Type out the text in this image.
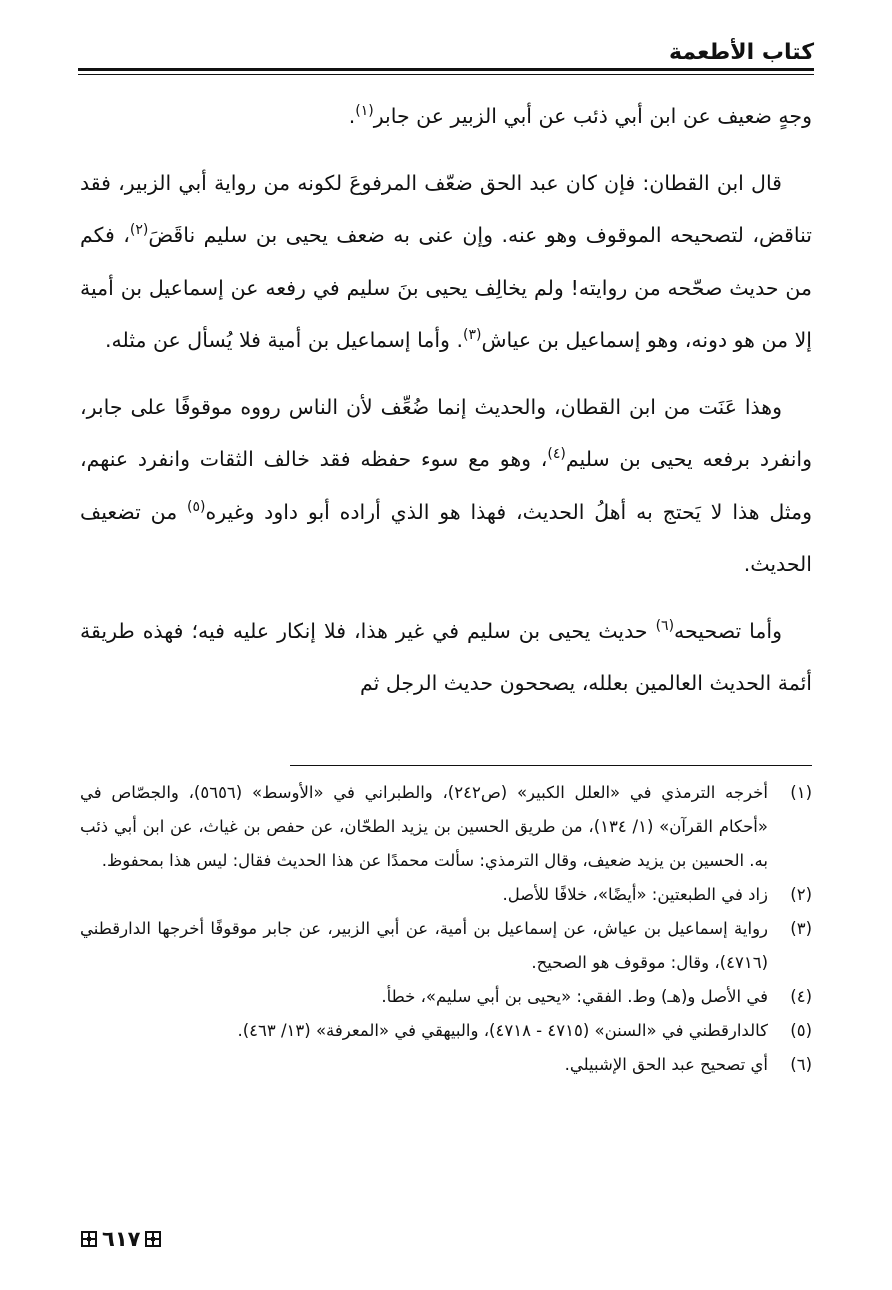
كتاب الأطعمة

وجهٍ ضعيف عن ابن أبي ذئب عن أبي الزبير عن جابر$^{(١)}$.

قال ابن القطان: فإن كان عبد الحق ضعّف المرفوعَ لكونه من رواية أبي الزبير، فقد تناقض، لتصحيحه الموقوف وهو عنه. وإن عنى به ضعف يحيى بن سليم ناقَضَ$^{(٢)}$، فكم من حديث صحّحه من روايته! ولم يخالِف يحيى بنَ سليم في رفعه عن إسماعيل بن أمية إلا من هو دونه، وهو إسماعيل بن عياش$^{(٣)}$. وأما إسماعيل بن أمية فلا يُسأل عن مثله.

وهذا عَنَت من ابن القطان، والحديث إنما ضُعِّف لأن الناس رووه موقوفًا على جابر، وانفرد برفعه يحيى بن سليم$^{(٤)}$، وهو مع سوء حفظه فقد خالف الثقات وانفرد عنهم، ومثل هذا لا يَحتج به أهلُ الحديث، فهذا هو الذي أراده أبو داود وغيره$^{(٥)}$ من تضعيف الحديث.

وأما تصحيحه$^{(٦)}$ حديث يحيى بن سليم في غير هذا، فلا إنكار عليه فيه؛ فهذه طريقة أئمة الحديث العالمين بعلله، يصححون حديث الرجل ثم

(١)
أخرجه الترمذي في «العلل الكبير» (ص٢٤٢)، والطبراني في «الأوسط» (٥٦٥٦)، والجصّاص في «أحكام القرآن» (١/ ١٣٤)، من طريق الحسين بن يزيد الطحّان، عن حفص بن غياث، عن ابن أبي ذئب به. الحسين بن يزيد ضعيف، وقال الترمذي: سألت محمدًا عن هذا الحديث فقال: ليس هذا بمحفوظ.
(٢)
زاد في الطبعتين: «أيضًا»، خلافًا للأصل.
(٣)
رواية إسماعيل بن عياش، عن إسماعيل بن أمية، عن أبي الزبير، عن جابر موقوفًا أخرجها الدارقطني (٤٧١٦)، وقال: موقوف هو الصحيح.
(٤)
في الأصل و(هـ) وط. الفقي: «يحيى بن أبي سليم»، خطأ.
(٥)
كالدارقطني في «السنن» (٤٧١٥ - ٤٧١٨)، والبيهقي في «المعرفة» (١٣/ ٤٦٣).
(٦)
أي تصحيح عبد الحق الإشبيلي.
٦١٧
